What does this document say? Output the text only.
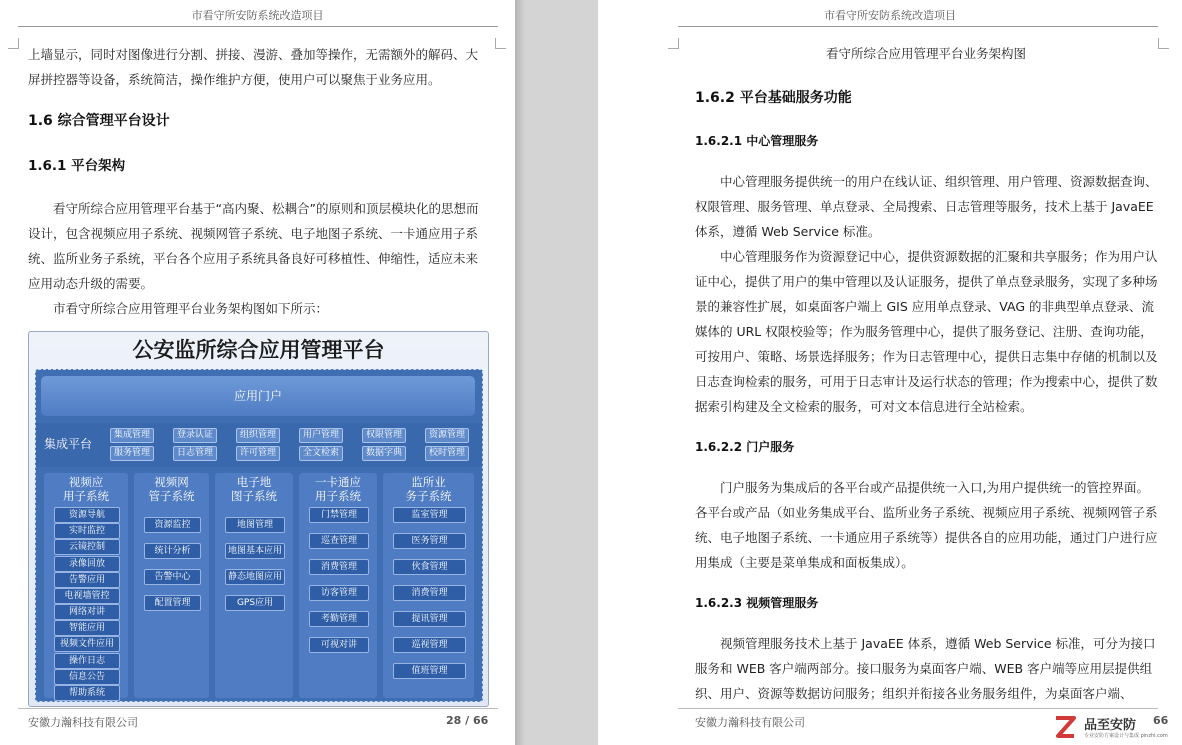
市看守所安防系统改造项目

上墙显示，同时对图像进行分割、拼接、漫游、叠加等操作，无需额外的解码、大屏拼控器等设备，系统简洁，操作维护方便，使用户可以聚焦于业务应用。

1.6 综合管理平台设计

1.6.1 平台架构

看守所综合应用管理平台基于“高内聚、松耦合”的原则和顶层模块化的思想而设计，包含视频应用子系统、视频网管子系统、电子地图子系统、一卡通应用子系统、监所业务子系统，平台各个应用子系统具备良好可移植性、伸缩性，适应未来应用动态升级的需要。

市看守所综合应用管理平台业务架构图如下所示：

公安监所综合应用管理平台
应用门户
集成平台
集成管理	登录认证	组织管理	用户管理	权限管理	资源管理
服务管理	日志管理	许可管理	全文检索	数据字典	校时管理
视频应
用子系统
资源导航
实时监控
云镜控制
录像回放
告警应用
电视墙管控
网络对讲
智能应用
视频文件应用
操作日志
信息公告
帮助系统
视频网
管子系统
资源监控
统计分析
告警中心
配置管理
电子地
图子系统
地图管理
地图基本应用
静态地图应用
GPS应用
一卡通应
用子系统
门禁管理
巡查管理
消费管理
访客管理
考勤管理
可视对讲
监所业
务子系统
监室管理
医务管理
伙食管理
消费管理
提讯管理
巡视管理
值班管理
安徽力瀚科技有限公司	28 / 66
市看守所安防系统改造项目

看守所综合应用管理平台业务架构图

1.6.2 平台基础服务功能

1.6.2.1 中心管理服务

中心管理服务提供统一的用户在线认证、组织管理、用户管理、资源数据查询、权限管理、服务管理、单点登录、全局搜索、日志管理等服务，技术上基于 JavaEE 体系，遵循 Web Service 标准。

中心管理服务作为资源登记中心，提供资源数据的汇聚和共享服务；作为用户认证中心，提供了用户的集中管理以及认证服务，提供了单点登录服务，实现了多种场景的兼容性扩展，如桌面客户端上 GIS 应用单点登录、VAG 的非典型单点登录、流媒体的 URL 权限校验等；作为服务管理中心，提供了服务登记、注册、查询功能，可按用户、策略、场景选择服务；作为日志管理中心，提供日志集中存储的机制以及日志查询检索的服务，可用于日志审计及运行状态的管理；作为搜索中心，提供了数据索引构建及全文检索的服务，可对文本信息进行全站检索。

1.6.2.2 门户服务

门户服务为集成后的各平台或产品提供统一入口,为用户提供统一的管控界面。各平台或产品（如业务集成平台、监所业务子系统、视频应用子系统、视频网管子系统、电子地图子系统、一卡通应用子系统等）提供各自的应用功能，通过门户进行应用集成（主要是菜单集成和面板集成）。

1.6.2.3 视频管理服务

视频管理服务技术上基于 JavaEE 体系，遵循 Web Service 标准，可分为接口服务和 WEB 客户端两部分。接口服务为桌面客户端、WEB 客户端等应用层提供组织、用户、资源等数据访问服务；组织并衔接各业务服务组件，为桌面客户端、

安徽力瀚科技有限公司	66
品至安防
专业安防方案设计与集成 pinzhi.com
